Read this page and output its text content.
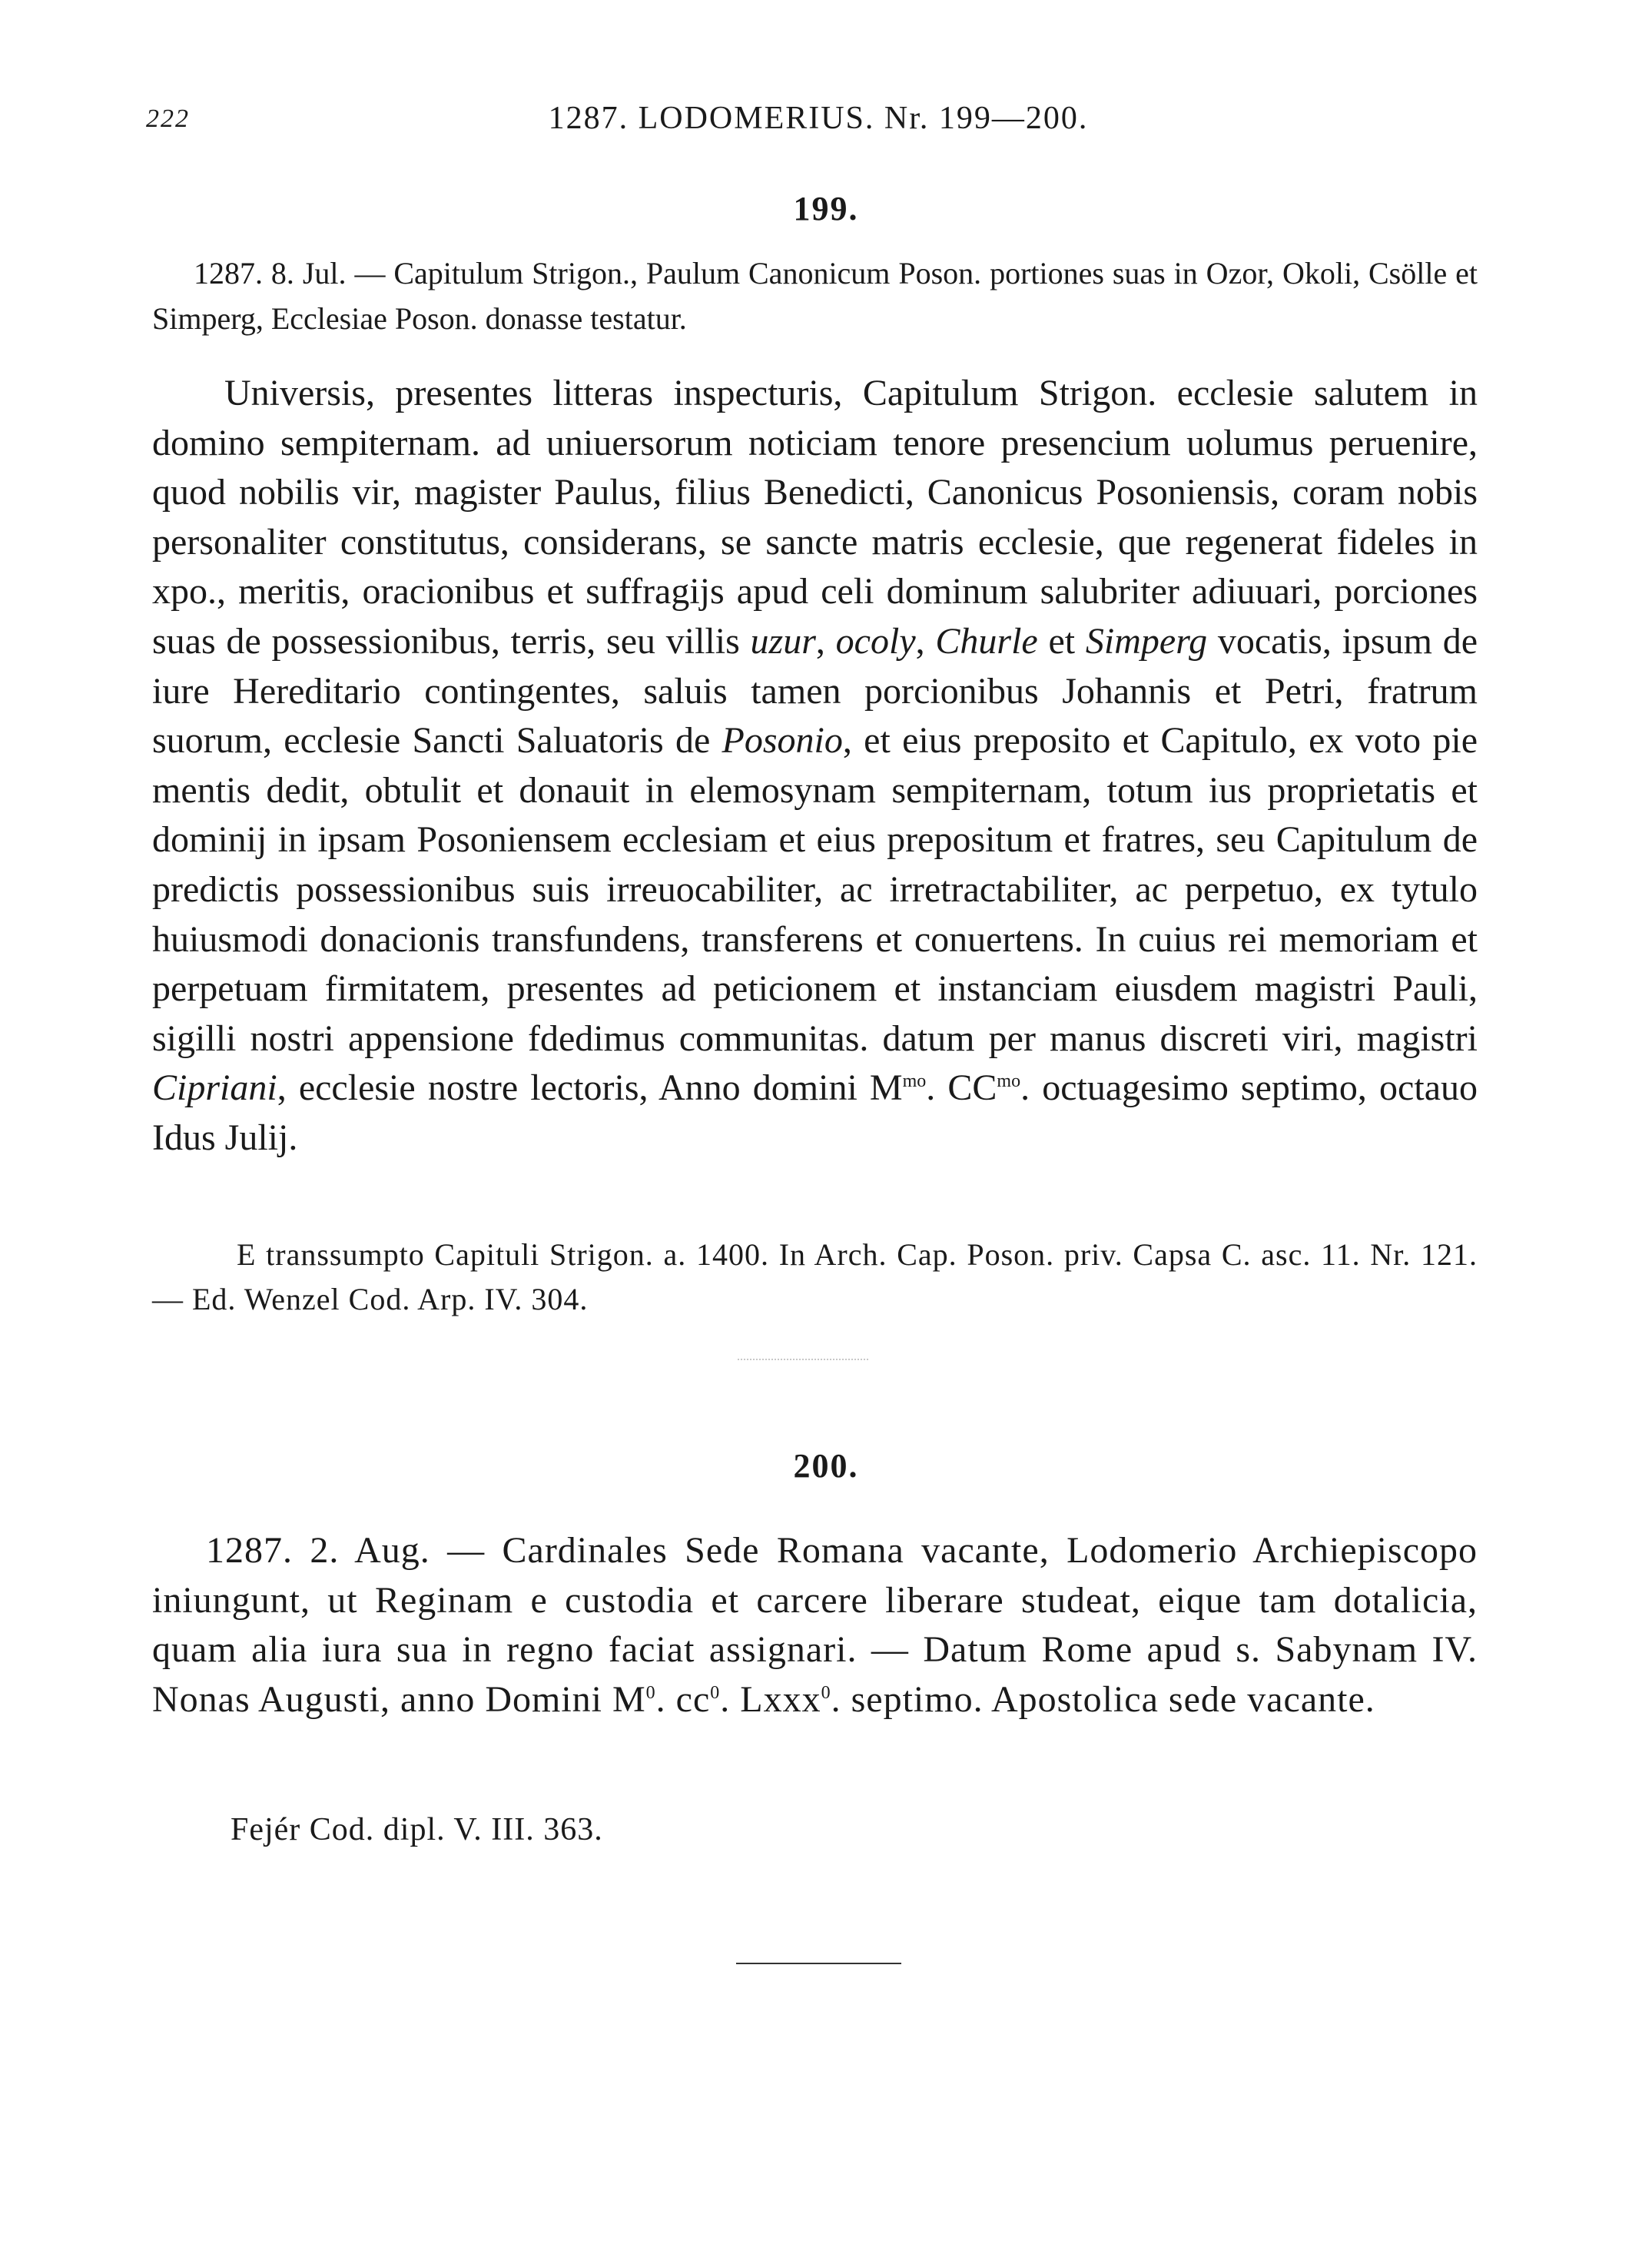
222	1287. LODOMERIUS. Nr. 199—200.
199.
1287. 8. Jul. — Capitulum Strigon., Paulum Canonicum Poson. portiones suas in Ozor, Okoli, Csölle et Simperg, Ecclesiae Poson. donasse testatur.

Universis, presentes litteras inspecturis, Capitulum Strigon. ecclesie salutem in domino sempiternam. ad uniuersorum noticiam tenore presencium uolumus peruenire, quod nobilis vir, magister Paulus, filius Benedicti, Canonicus Posoniensis, coram nobis personaliter constitutus, considerans, se sancte matris ecclesie, que regenerat fideles in xpo., meritis, oracionibus et suffragijs apud celi dominum salubriter adiuuari, porciones suas de possessionibus, terris, seu villis uzur, ocoly, Churle et Simperg vocatis, ipsum de iure Hereditario contingentes, saluis tamen porcionibus Johannis et Petri, fratrum suorum, ecclesie Sancti Saluatoris de Posonio, et eius preposito et Capitulo, ex voto pie mentis dedit, obtulit et donauit in elemosynam sempiternam, totum ius proprietatis et dominij in ipsam Posoniensem ecclesiam et eius prepositum et fratres, seu Capitulum de predictis possessionibus suis irreuocabiliter, ac irretractabiliter, ac perpetuo, ex tytulo huiusmodi donacionis transfundens, transferens et conuertens. In cuius rei memoriam et perpetuam firmitatem, presentes ad peticionem et instanciam eiusdem magistri Pauli, sigilli nostri appensione fdedimus communitas. datum per manus discreti viri, magistri Cipriani, ecclesie nostre lectoris, Anno domini $M^{mo}$. $CC^{mo}$. octuagesimo septimo, octauo Idus Julij.

E transsumpto Capituli Strigon. a. 1400. In Arch. Cap. Poson. priv. Capsa C. asc. 11. Nr. 121. — Ed. Wenzel Cod. Arp. IV. 304.
200.

1287. 2. Aug. — Cardinales Sede Romana vacante, Lodomerio Archiepiscopo iniungunt, ut Reginam e custodia et carcere liberare studeat, eique tam dotalicia, quam alia iura sua in regno faciat assignari. — Datum Rome apud s. Sabynam IV. Nonas Augusti, anno Domini $M^0$. $cc^0$. Lxxx$^0$. septimo. Apostolica sede vacante.

Fejér Cod. dipl. V. III. 363.
